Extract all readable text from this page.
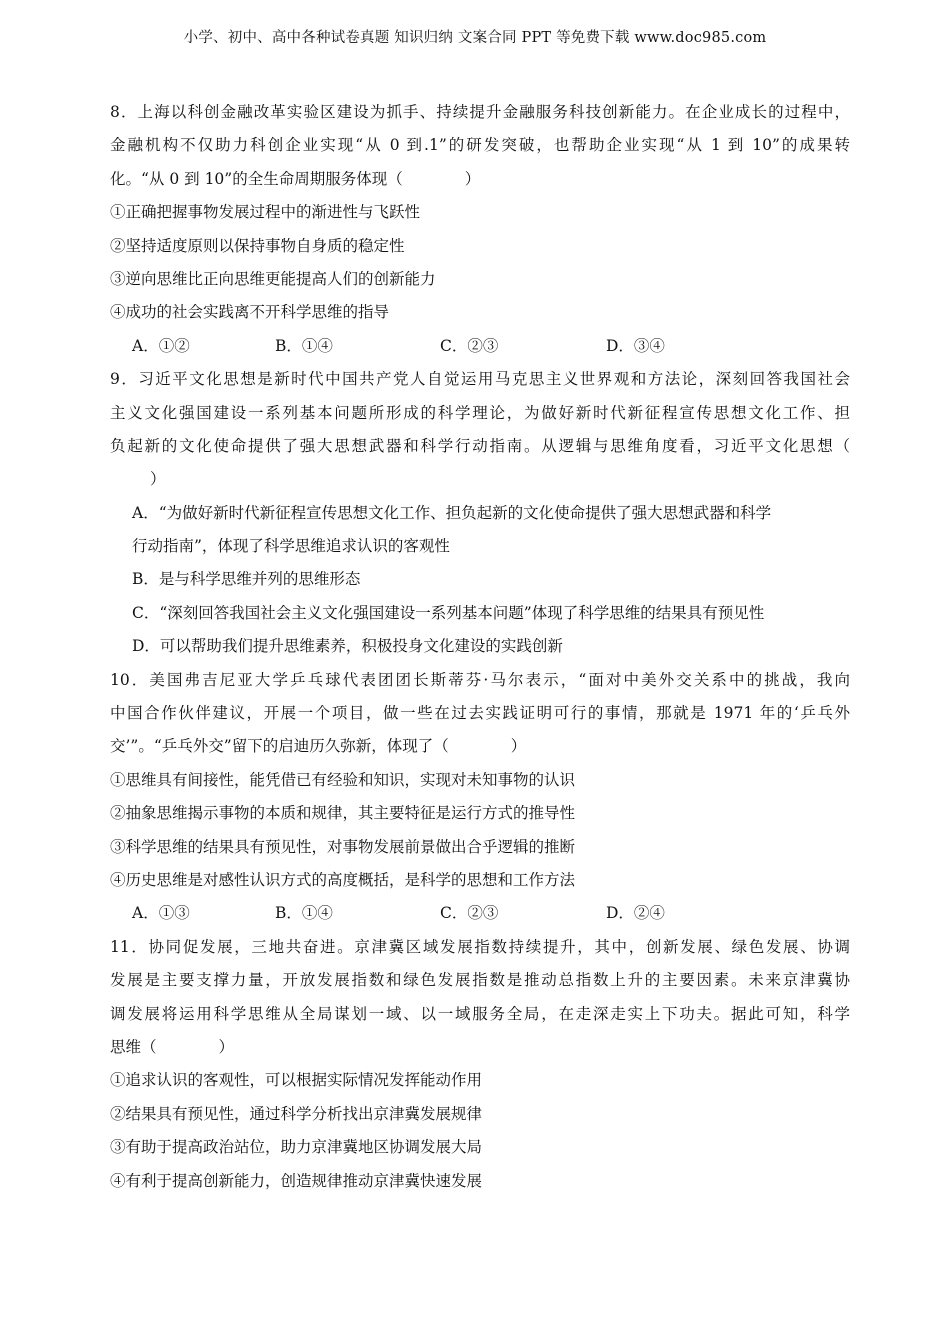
小学、初中、高中各种试卷真题 知识归纳 文案合同 PPT 等免费下载 www.doc985.com
8．上海以科创金融改革实验区建设为抓手、持续提升金融服务科技创新能力。在企业成长的过程中，
金融机构不仅助力科创企业实现“从 0 到.1”的研发突破，也帮助企业实现“从 1 到 10”的成果转
化。“从 0 到 10”的全生命周期服务体现（　　　　）
①正确把握事物发展过程中的渐进性与飞跃性
②坚持适度原则以保持事物自身质的稳定性
③逆向思维比正向思维更能提高人们的创新能力
④成功的社会实践离不开科学思维的指导
A．①②	B．①④	C．②③	D．③④
9．习近平文化思想是新时代中国共产党人自觉运用马克思主义世界观和方法论，深刻回答我国社会
主义文化强国建设一系列基本问题所形成的科学理论，为做好新时代新征程宣传思想文化工作、担
负起新的文化使命提供了强大思想武器和科学行动指南。从逻辑与思维角度看，习近平文化思想（
）
A．“为做好新时代新征程宣传思想文化工作、担负起新的文化使命提供了强大思想武器和科学
行动指南”，体现了科学思维追求认识的客观性
B．是与科学思维并列的思维形态
C．“深刻回答我国社会主义文化强国建设一系列基本问题”体现了科学思维的结果具有预见性
D．可以帮助我们提升思维素养，积极投身文化建设的实践创新
10．美国弗吉尼亚大学乒乓球代表团团长斯蒂芬·马尔表示，“面对中美外交关系中的挑战，我向
中国合作伙伴建议，开展一个项目，做一些在过去实践证明可行的事情，那就是 1971 年的‘乒乓外
交’”。“乒乓外交”留下的启迪历久弥新，体现了（　　　　）
①思维具有间接性，能凭借已有经验和知识，实现对未知事物的认识
②抽象思维揭示事物的本质和规律，其主要特征是运行方式的推导性
③科学思维的结果具有预见性，对事物发展前景做出合乎逻辑的推断
④历史思维是对感性认识方式的高度概括，是科学的思想和工作方法
A．①③	B．①④	C．②③	D．②④
11．协同促发展，三地共奋进。京津冀区域发展指数持续提升，其中，创新发展、绿色发展、协调
发展是主要支撑力量，开放发展指数和绿色发展指数是推动总指数上升的主要因素。未来京津冀协
调发展将运用科学思维从全局谋划一域、以一域服务全局，在走深走实上下功夫。据此可知，科学
思维（　　　　）
①追求认识的客观性，可以根据实际情况发挥能动作用
②结果具有预见性，通过科学分析找出京津冀发展规律
③有助于提高政治站位，助力京津冀地区协调发展大局
④有利于提高创新能力，创造规律推动京津冀快速发展
